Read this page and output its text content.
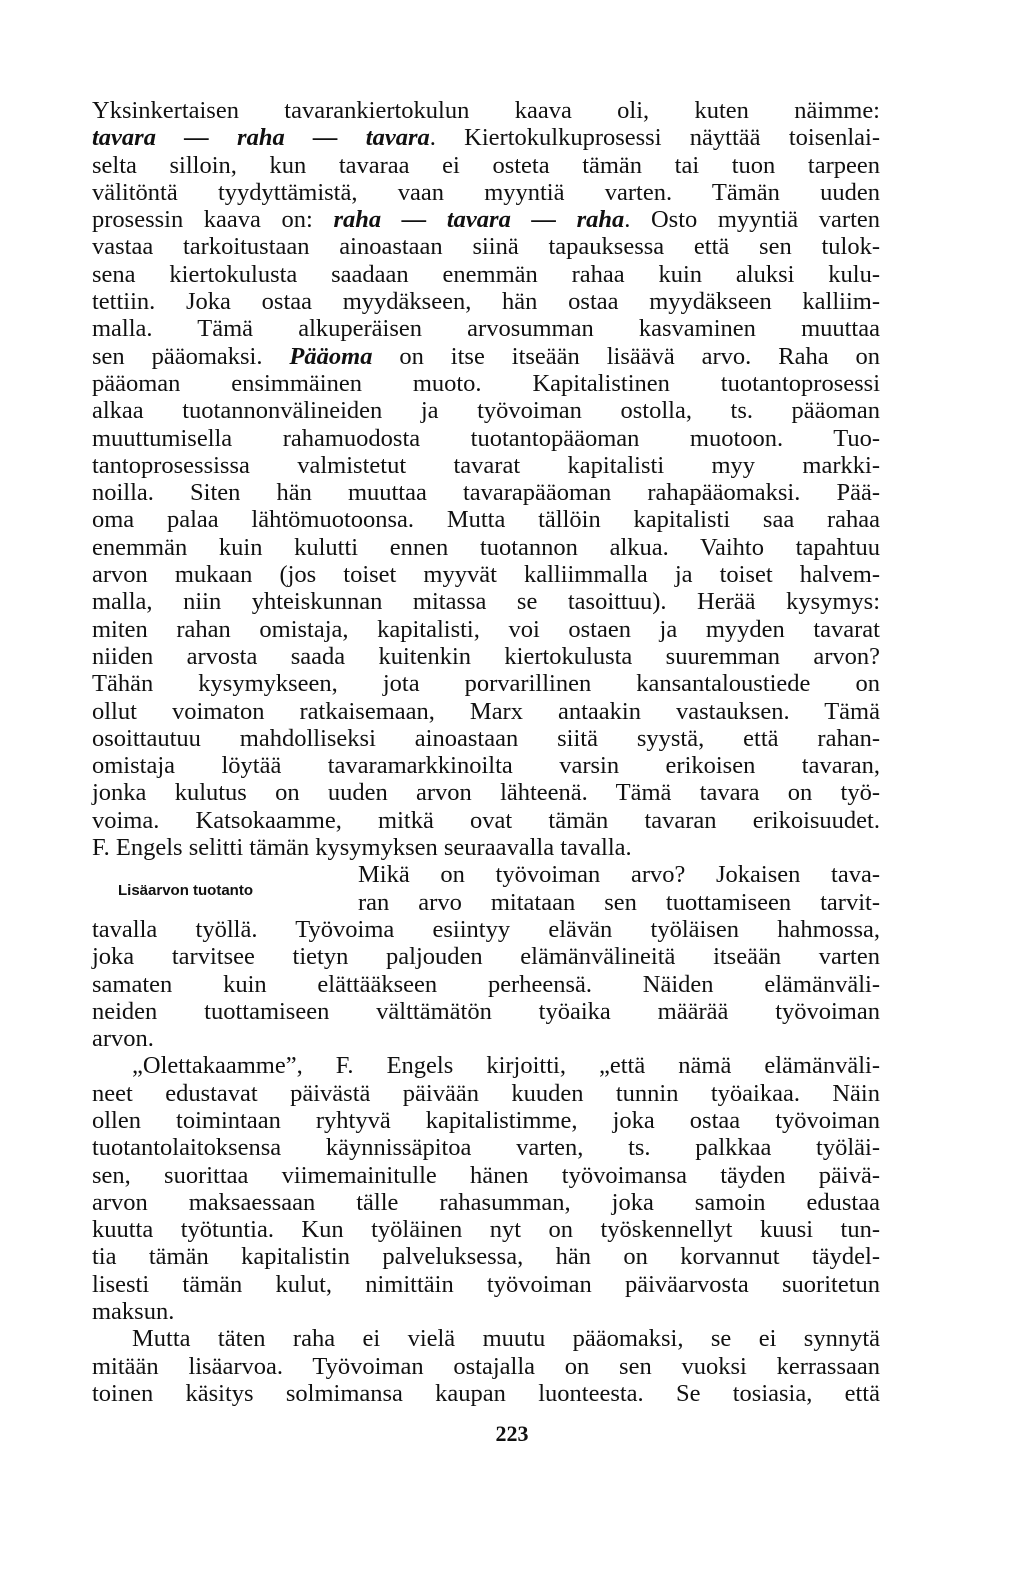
Yksinkertaisen tavarankiertokulun kaava oli, kuten näimme:
tavara — raha — tavara. Kiertokulkuprosessi näyttää toisenlai-
selta silloin, kun tavaraa ei osteta tämän tai tuon tarpeen
välitöntä tyydyttämistä, vaan myyntiä varten. Tämän uuden
prosessin kaava on: raha — tavara — raha. Osto myyntiä varten
vastaa tarkoitustaan ainoastaan siinä tapauksessa että sen tulok-
sena kiertokulusta saadaan enemmän rahaa kuin aluksi kulu-
tettiin. Joka ostaa myydäkseen, hän ostaa myydäkseen kalliim-
malla. Tämä alkuperäisen arvosumman kasvaminen muuttaa
sen pääomaksi. Pääoma on itse itseään lisäävä arvo. Raha on
pääoman ensimmäinen muoto. Kapitalistinen tuotantoprosessi
alkaa tuotannonvälineiden ja työvoiman ostolla, ts. pääoman
muuttumisella rahamuodosta tuotantopääoman muotoon. Tuo-
tantoprosessissa valmistetut tavarat kapitalisti myy markki-
noilla. Siten hän muuttaa tavarapääoman rahapääomaksi. Pää-
oma palaa lähtömuotoonsa. Mutta tällöin kapitalisti saa rahaa
enemmän kuin kulutti ennen tuotannon alkua. Vaihto tapahtuu
arvon mukaan (jos toiset myyvät kalliimmalla ja toiset halvem-
malla, niin yhteiskunnan mitassa se tasoittuu). Herää kysymys:
miten rahan omistaja, kapitalisti, voi ostaen ja myyden tavarat
niiden arvosta saada kuitenkin kiertokulusta suuremman arvon?
Tähän kysymykseen, jota porvarillinen kansantaloustiede on
ollut voimaton ratkaisemaan, Marx antaakin vastauksen. Tämä
osoittautuu mahdolliseksi ainoastaan siitä syystä, että rahan-
omistaja löytää tavaramarkkinoilta varsin erikoisen tavaran,
jonka kulutus on uuden arvon lähteenä. Tämä tavara on työ-
voima. Katsokaamme, mitkä ovat tämän tavaran erikoisuudet.
F. Engels selitti tämän kysymyksen seuraavalla tavalla.
Mikä on työvoiman arvo? Jokaisen tava-
ran arvo mitataan sen tuottamiseen tarvit-
tavalla työllä. Työvoima esiintyy elävän työläisen hahmossa,
joka tarvitsee tietyn paljouden elämänvälineitä itseään varten
samaten kuin elättääkseen perheensä. Näiden elämänväli-
neiden tuottamiseen välttämätön työaika määrää työvoiman
arvon.
„Olettakaamme”, F. Engels kirjoitti, „että nämä elämänväli-
neet edustavat päivästä päivään kuuden tunnin työaikaa. Näin
ollen toimintaan ryhtyvä kapitalistimme, joka ostaa työvoiman
tuotantolaitoksensa käynnissäpitoa varten, ts. palkkaa työläi-
sen, suorittaa viimemainitulle hänen työvoimansa täyden päivä-
arvon maksaessaan tälle rahasumman, joka samoin edustaa
kuutta työtuntia. Kun työläinen nyt on työskennellyt kuusi tun-
tia tämän kapitalistin palveluksessa, hän on korvannut täydel-
lisesti tämän kulut, nimittäin työvoiman päiväarvosta suoritetun
maksun.
Mutta täten raha ei vielä muutu pääomaksi, se ei synnytä
mitään lisäarvoa. Työvoiman ostajalla on sen vuoksi kerrassaan
toinen käsitys solmimansa kaupan luonteesta. Se tosiasia, että
Lisäarvon tuotanto
223
